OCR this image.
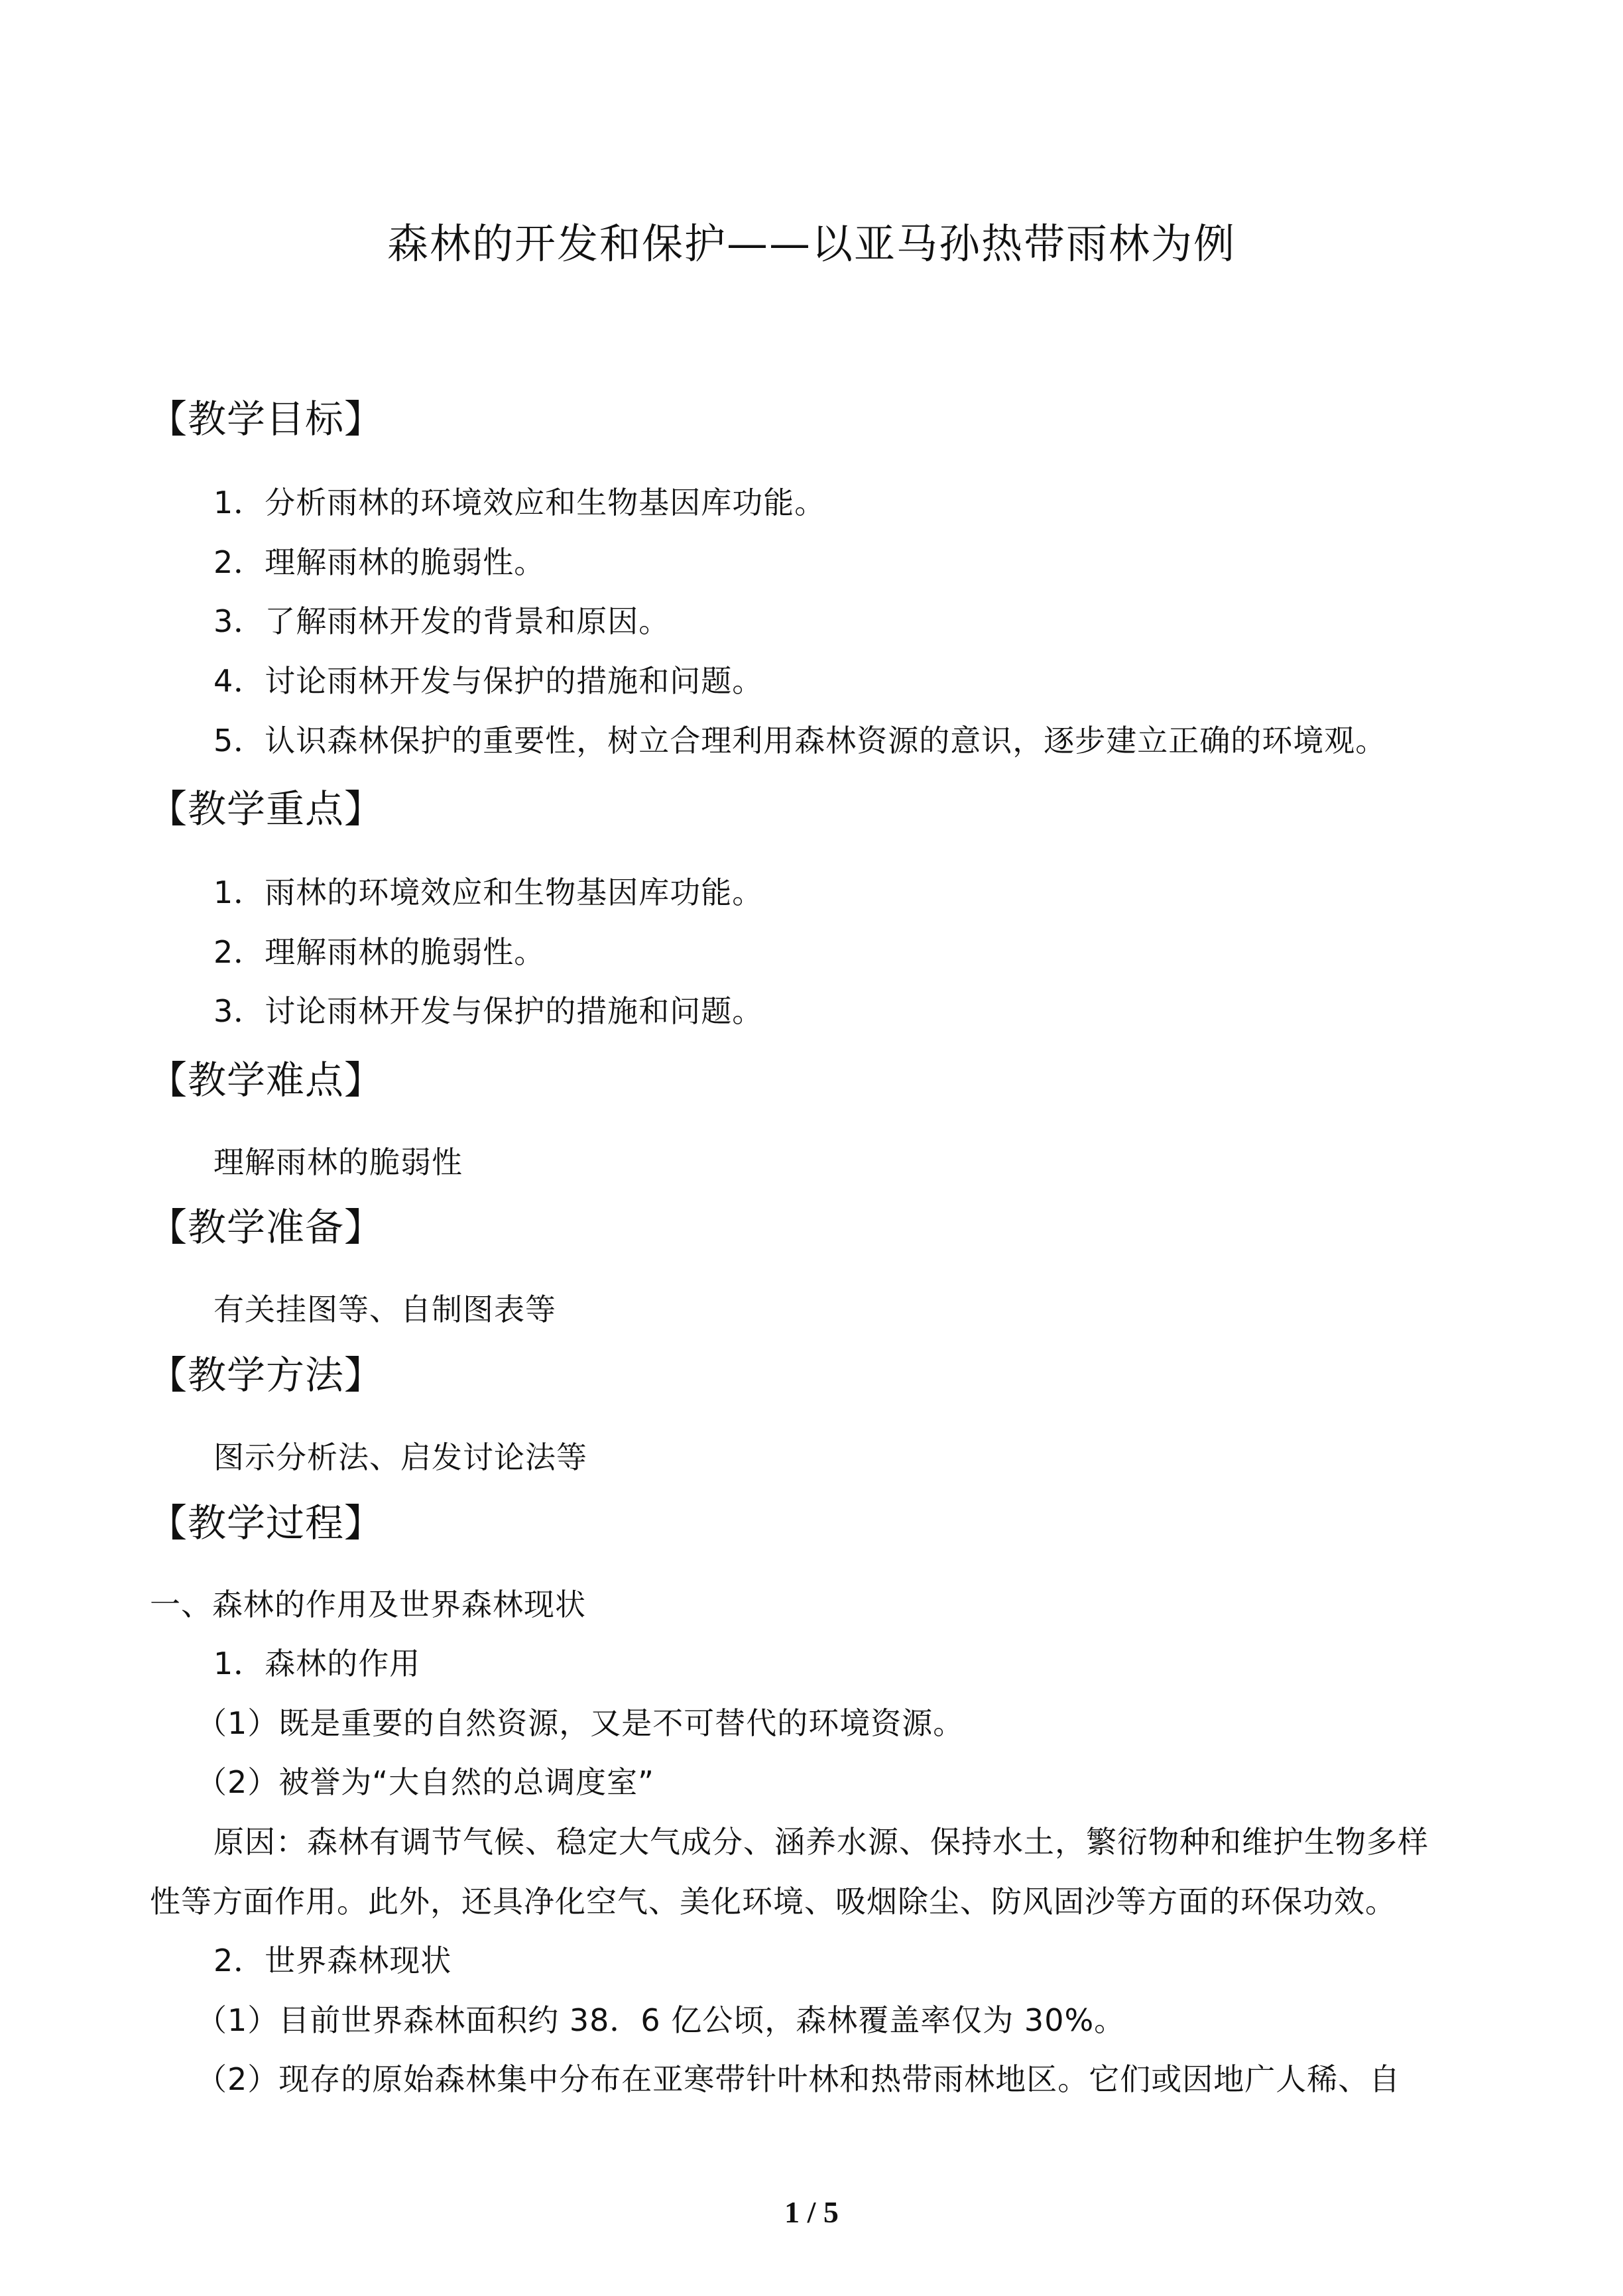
森林的开发和保护——以亚马孙热带雨林为例
【教学目标】
1．分析雨林的环境效应和生物基因库功能。
2．理解雨林的脆弱性。
3．了解雨林开发的背景和原因。
4．讨论雨林开发与保护的措施和问题。
5．认识森林保护的重要性，树立合理利用森林资源的意识，逐步建立正确的环境观。
【教学重点】
1．雨林的环境效应和生物基因库功能。
2．理解雨林的脆弱性。
3．讨论雨林开发与保护的措施和问题。
【教学难点】
理解雨林的脆弱性
【教学准备】
有关挂图等、自制图表等
【教学方法】
图示分析法、启发讨论法等
【教学过程】
一、森林的作用及世界森林现状
1．森林的作用
（1）既是重要的自然资源，又是不可替代的环境资源。
（2）被誉为“大自然的总调度室”
原因：森林有调节气候、稳定大气成分、涵养水源、保持水土，繁衍物种和维护生物多样
性等方面作用。此外，还具净化空气、美化环境、吸烟除尘、防风固沙等方面的环保功效。
2．世界森林现状
（1）目前世界森林面积约 38．6 亿公顷，森林覆盖率仅为 30%。
（2）现存的原始森林集中分布在亚寒带针叶林和热带雨林地区。它们或因地广人稀、自
1 / 5
